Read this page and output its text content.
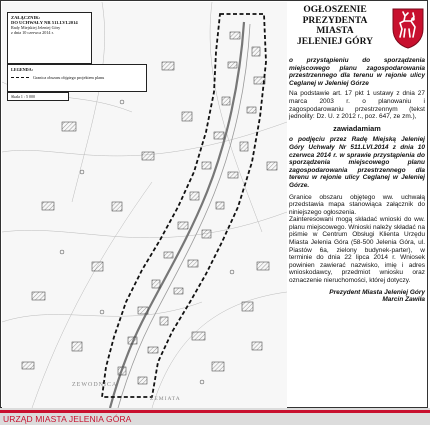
ZAŁĄCZNIK:
DO UCHWAŁY NR 511.LVI.2014
Rady Miejskiej Jeleniej Góry
z dnia 10 czerwca 2014 r.
LEGENDA:
Granica obszaru objętego projektem planu
Skala 1 : 5 000
ZEWODNICA
ZEMIATA
OGŁOSZENIE
PREZYDENTA
MIASTA
JELENIEJ GÓRY

o przystąpieniu do sporządzenia miejscowego planu zagospodarowania przestrzennego dla terenu w rejonie ulicy Ceglanej w Jeleniej Górze

Na podstawie art. 17 pkt 1 ustawy z dnia 27 marca 2003 r. o planowaniu i zagospodarowaniu przestrzennym (tekst jednolity: Dz. U. z 2012 r., poz. 647, ze zm.),

zawiadamiam

o podjęciu przez Radę Miejską Jeleniej Góry Uchwały Nr 511.LVI.2014 z dnia 10 czerwca 2014 r. w sprawie przystąpienia do sporządzenia miejscowego planu zagospodarowania przestrzennego dla terenu w rejonie ulicy Ceglanej w Jeleniej Górze.

Granice obszaru objętego ww. uchwałą przedstawia mapa stanowiąca załącznik do niniejszego ogłoszenia.

Zainteresowani mogą składać wnioski do ww. planu miejscowego. Wnioski należy składać na piśmie w Centrum Obsługi Klienta Urzędu Miasta Jelenia Góra (58-500 Jelenia Góra, ul. Piastów 6a, zielony budynek-parter), w terminie do dnia 22 lipca 2014 r. Wniosek powinien zawierać nazwisko, imię i adres wnioskodawcy, przedmiot wniosku oraz oznaczenie nieruchomości, której dotyczy.

Prezydent Miasta Jeleniej Góry
Marcin Zawiła
URZĄD MIASTA JELENIA GÓRA
